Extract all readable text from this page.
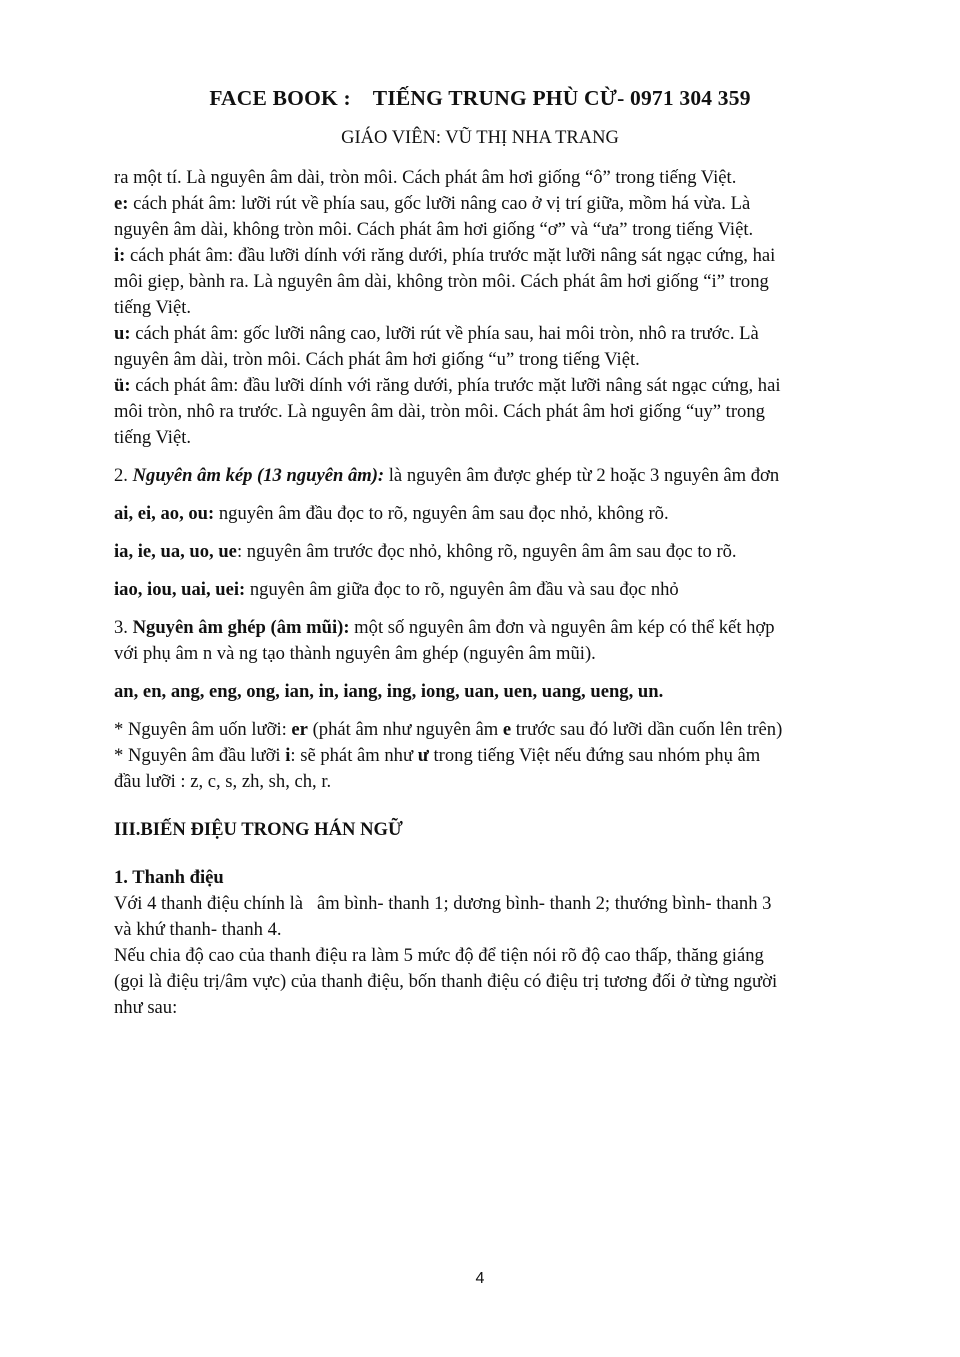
FACE BOOK :    TIẾNG TRUNG PHÙ CỪ- 0971 304 359
GIÁO VIÊN: VŨ THỊ NHA TRANG
ra một tí. Là nguyên âm dài, tròn môi. Cách phát âm hơi giống “ô” trong tiếng Việt.
e: cách phát âm: lưỡi rút về phía sau, gốc lưỡi nâng cao ở vị trí giữa, mồm há vừa. Là
nguyên âm dài, không tròn môi. Cách phát âm hơi giống “ơ” và “ưa” trong tiếng Việt.
i: cách phát âm: đầu lưỡi dính với răng dưới, phía trước mặt lưỡi nâng sát ngạc cứng, hai
môi giẹp, bành ra. Là nguyên âm dài, không tròn môi. Cách phát âm hơi giống “i” trong
tiếng Việt.
u: cách phát âm: gốc lưỡi nâng cao, lưỡi rút về phía sau, hai môi tròn, nhô ra trước. Là
nguyên âm dài, tròn môi. Cách phát âm hơi giống “u” trong tiếng Việt.
ü: cách phát âm: đầu lưỡi dính với răng dưới, phía trước mặt lưỡi nâng sát ngạc cứng, hai
môi tròn, nhô ra trước. Là nguyên âm dài, tròn môi. Cách phát âm hơi giống “uy” trong
tiếng Việt.
2. Nguyên âm kép (13 nguyên âm): là nguyên âm được ghép từ 2 hoặc 3 nguyên âm đơn
ai, ei, ao, ou: nguyên âm đầu đọc to rõ, nguyên âm sau đọc nhỏ, không rõ.
ia, ie, ua, uo, ue: nguyên âm trước đọc nhỏ, không rõ, nguyên âm âm sau đọc to rõ.
iao, iou, uai, uei: nguyên âm giữa đọc to rõ, nguyên âm đầu và sau đọc nhỏ
3. Nguyên âm ghép (âm mũi): một số nguyên âm đơn và nguyên âm kép có thể kết hợp
với phụ âm n và ng tạo thành nguyên âm ghép (nguyên âm mũi).
an, en, ang, eng, ong, ian, in, iang, ing, iong, uan, uen, uang, ueng, un.
* Nguyên âm uốn lưỡi: er (phát âm như nguyên âm e trước sau đó lưỡi dần cuốn lên trên)
* Nguyên âm đầu lưỡi i: sẽ phát âm như ư trong tiếng Việt nếu đứng sau nhóm phụ âm
đầu lưỡi : z, c, s, zh, sh, ch, r.
III.BIẾN ĐIỆU TRONG HÁN NGỮ
1. Thanh điệu
Với 4 thanh điệu chính là   âm bình- thanh 1; dương bình- thanh 2; thướng bình- thanh 3
và khứ thanh- thanh 4.
Nếu chia độ cao của thanh điệu ra làm 5 mức độ để tiện nói rõ độ cao thấp, thăng giáng
(gọi là điệu trị/âm vực) của thanh điệu, bốn thanh điệu có điệu trị tương đối ở từng người
như sau:
4
